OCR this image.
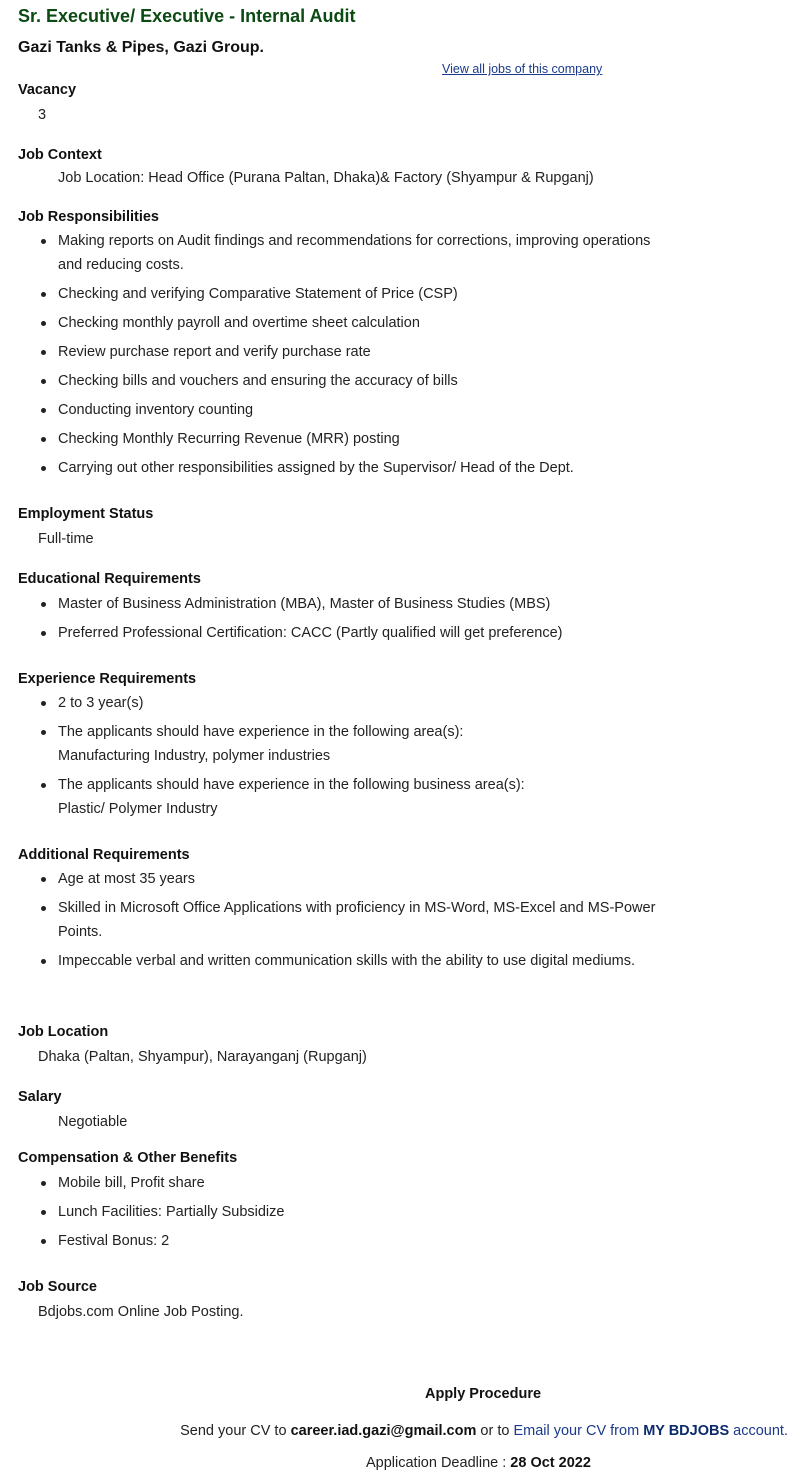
Sr. Executive/ Executive - Internal Audit
Gazi Tanks & Pipes, Gazi Group.
View all jobs of this company
Vacancy
3
Job Context
Job Location: Head Office (Purana Paltan, Dhaka)& Factory (Shyampur & Rupganj)
Job Responsibilities
Making reports on Audit findings and recommendations for corrections, improving operations and reducing costs.
Checking and verifying Comparative Statement of Price (CSP)
Checking monthly payroll and overtime sheet calculation
Review purchase report and verify purchase rate
Checking bills and vouchers and ensuring the accuracy of bills
Conducting inventory counting
Checking Monthly Recurring Revenue (MRR) posting
Carrying out other responsibilities assigned by the Supervisor/ Head of the Dept.
Employment Status
Full-time
Educational Requirements
Master of Business Administration (MBA), Master of Business Studies (MBS)
Preferred Professional Certification: CACC (Partly qualified will get preference)
Experience Requirements
2 to 3 year(s)
The applicants should have experience in the following area(s):
Manufacturing Industry, polymer industries
The applicants should have experience in the following business area(s):
Plastic/ Polymer Industry
Additional Requirements
Age at most 35 years
Skilled in Microsoft Office Applications with proficiency in MS-Word, MS-Excel and MS-Power Points.
Impeccable verbal and written communication skills with the ability to use digital mediums.
Job Location
Dhaka (Paltan, Shyampur), Narayanganj (Rupganj)
Salary
Negotiable
Compensation & Other Benefits
Mobile bill, Profit share
Lunch Facilities: Partially Subsidize
Festival Bonus: 2
Job Source
Bdjobs.com Online Job Posting.
Apply Procedure
Send your CV to career.iad.gazi@gmail.com or to Email your CV from MY BDJOBS account.
Application Deadline : 28 Oct 2022
